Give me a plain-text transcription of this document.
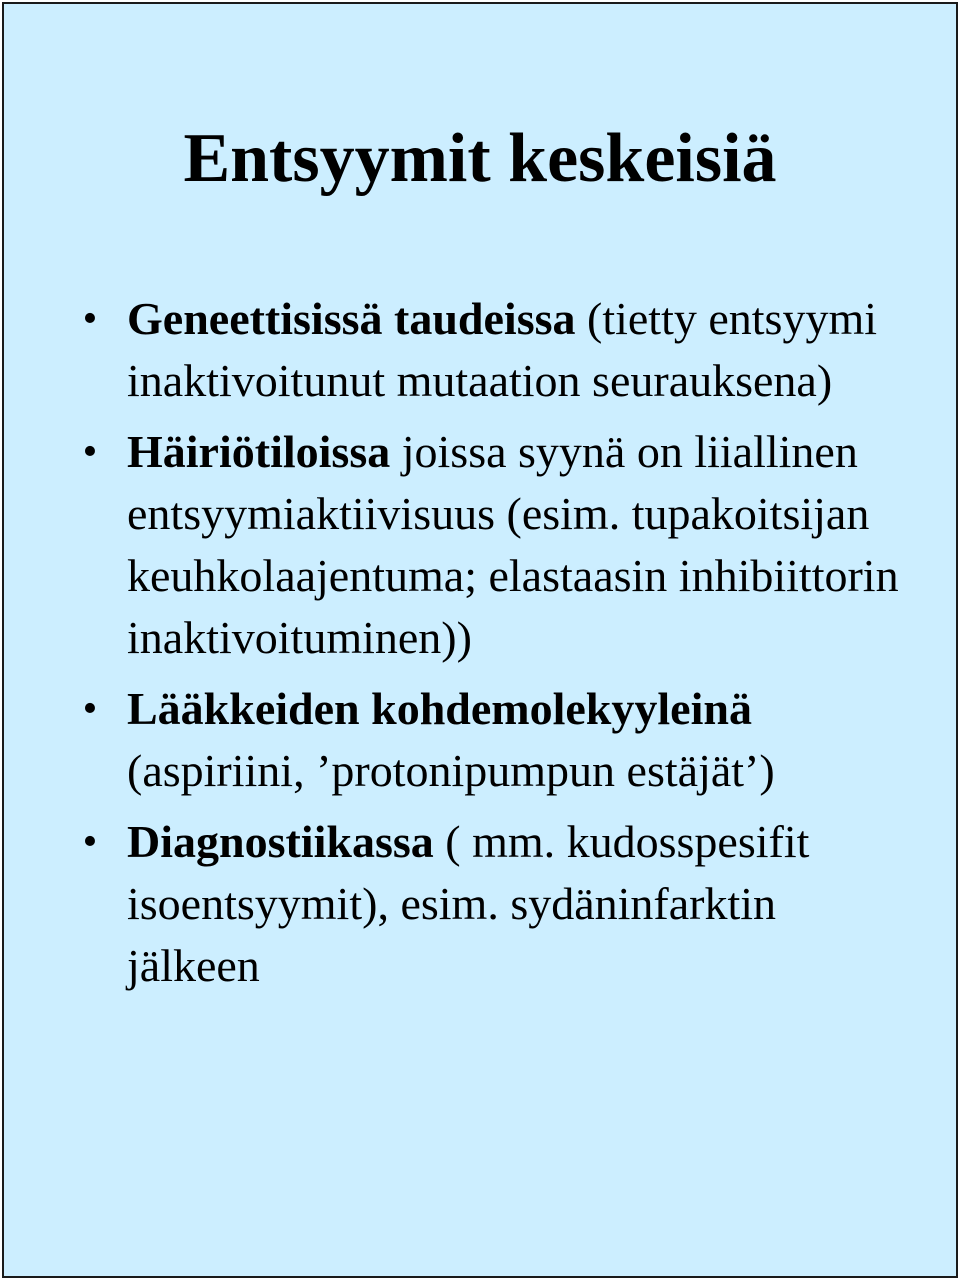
Entsyymit keskeisiä
• Geneettisissä taudeissa (tietty entsyymi inaktivoitunut mutaation seurauksena)
• Häiriötiloissa joissa syynä on liiallinen entsyymiaktiivisuus (esim. tupakoitsijan keuhkolaajentuma; elastaasin inhibiittorin inaktivoituminen))
• Lääkkeiden kohdemolekyyleinä (aspiriini, ’protonipumpun estäjät’)
• Diagnostiikassa ( mm. kudosspesifit isoentsyymit), esim. sydäninfarktin jälkeen
